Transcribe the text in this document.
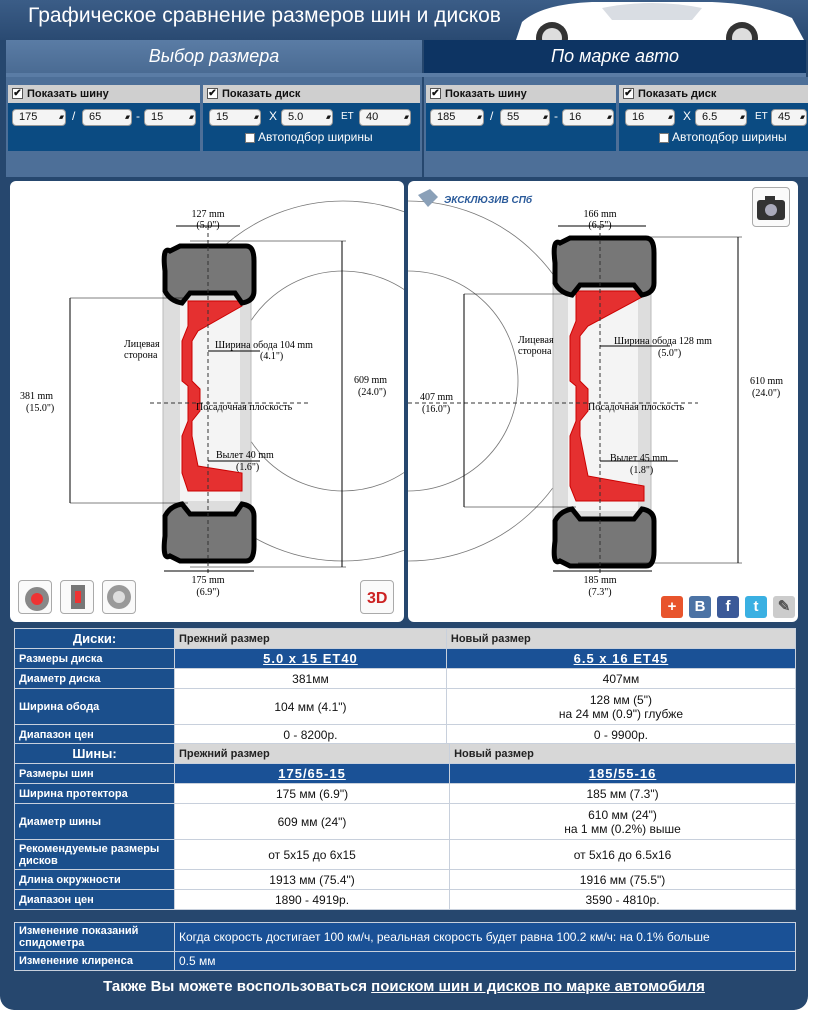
Графическое сравнение размеров шин и дисков
Выбор размера	По марке авто
✔ Показать шину
175 ▴▾	/	65 ▴▾	-	15 ▴▾
✔ Показать диск
15 ▴▾	X 5.0 ▴▾	ET	40 ▴▾
Автоподбор ширины
✔ Показать шину
185 ▴▾	/	55 ▴▾	-	16 ▴▾
✔ Показать диск
16 ▴▾	X 6.5 ▴▾	ET 45 ▴▾
Автоподбор ширины
127 mm
(5.0")
Лицевая
сторона
Ширина обода 104 mm
(4.1")
381 mm
(15.0")	Посадочная плоскость
Вылет 40 mm
(1.6")
609 mm
(24.0")
175 mm
(6.9")	3D
166 mm
(6.5")
Лицевая
сторона
Ширина обода 128 mm
(5.0")
407 mm
(16.0")	Посадочная плоскость
Вылет 45 mm
(1.8")
610 mm
(24.0")
185 mm
(7.3")
ЭКСКЛЮЗИВ СПб
+	B	f	t	✎
Диски:	Прежний размер	Новый размер
Размеры диска	5.0 x 15 ET40	6.5 x 16 ET45
Диаметр диска	381мм	407мм
Ширина обода	104 мм (4.1")	128 мм (5")
на 24 мм (0.9") глубже

Диапазон цен	0 - 8200р.	0 - 9900р.
Шины:	Прежний размер	Новый размер
Размеры шин	175/65-15	185/55-16
Ширина протектора	175 мм (6.9")	185 мм (7.3")
Диаметр шины	609 мм (24")	610 мм (24")
на 1 мм (0.2%) выше

Рекомендуемые размеры дисков	от 5x15 до 6x15	от 5x16 до 6.5x16
Длина окружности	1913 мм (75.4")	1916 мм (75.5")
Диапазон цен	1890 - 4919р.	3590 - 4810р.
Изменение показаний спидометра	Когда скорость достигает 100 км/ч, реальная скорость будет равна 100.2 км/ч: на 0.1% больше
Изменение клиренса	0.5 мм
Также Вы можете воспользоваться поиском шин и дисков по марке автомобиля
